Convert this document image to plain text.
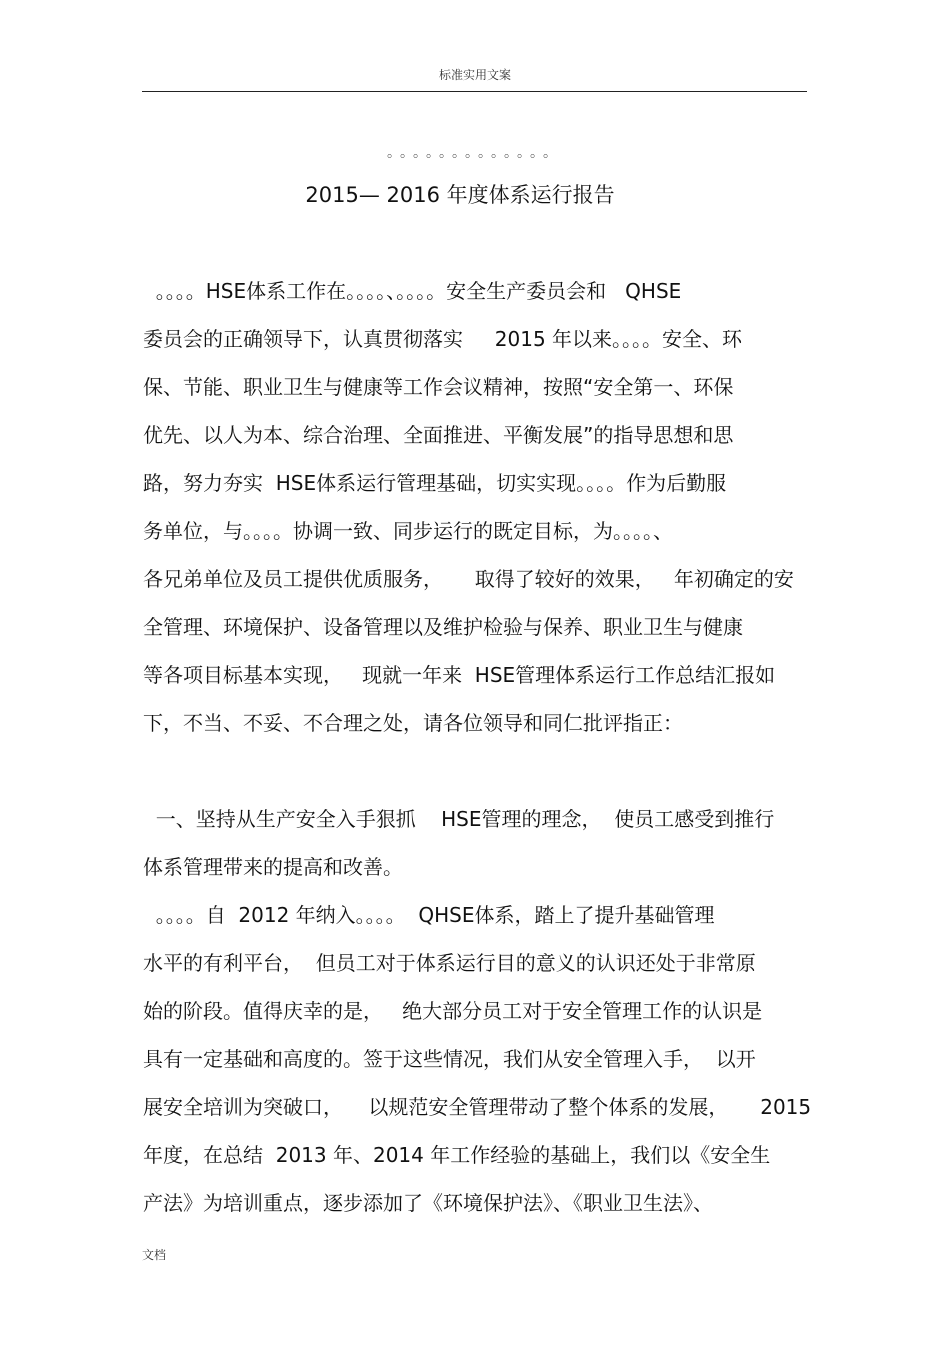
标准实用文案
。。。。。。。。。。。。。
2015— 2016 年度体系运行报告
。。。。HSE体系工作在。。。。、。。。。安全生产委员会和   QHSE
委员会的正确领导下，认真贯彻落实     2015 年以来。。。。安全、环
保、节能、职业卫生与健康等工作会议精神，按照“安全第一、环保
优先、以人为本、综合治理、全面推进、平衡发展”的指导思想和思
路，努力夯实  HSE体系运行管理基础，切实实现。。。。作为后勤服
务单位，与。。。。协调一致、同步运行的既定目标，为。。。。、
各兄弟单位及员工提供优质服务，     取得了较好的效果，   年初确定的安
全管理、环境保护、设备管理以及维护检验与保养、职业卫生与健康
等各项目标基本实现，   现就一年来  HSE管理体系运行工作总结汇报如
下，不当、不妥、不合理之处，请各位领导和同仁批评指正：
一、坚持从生产安全入手狠抓    HSE管理的理念，  使员工感受到推行
体系管理带来的提高和改善。
。。。。自  2012 年纳入。。。。  QHSE体系，踏上了提升基础管理
水平的有利平台，  但员工对于体系运行目的意义的认识还处于非常原
始的阶段。值得庆幸的是，   绝大部分员工对于安全管理工作的认识是
具有一定基础和高度的。签于这些情况，我们从安全管理入手，  以开
展安全培训为突破口，    以规范安全管理带动了整个体系的发展，     2015
年度，在总结  2013 年、2014 年工作经验的基础上，我们以《安全生
产法》为培训重点，逐步添加了《环境保护法》、《职业卫生法》、
文档
